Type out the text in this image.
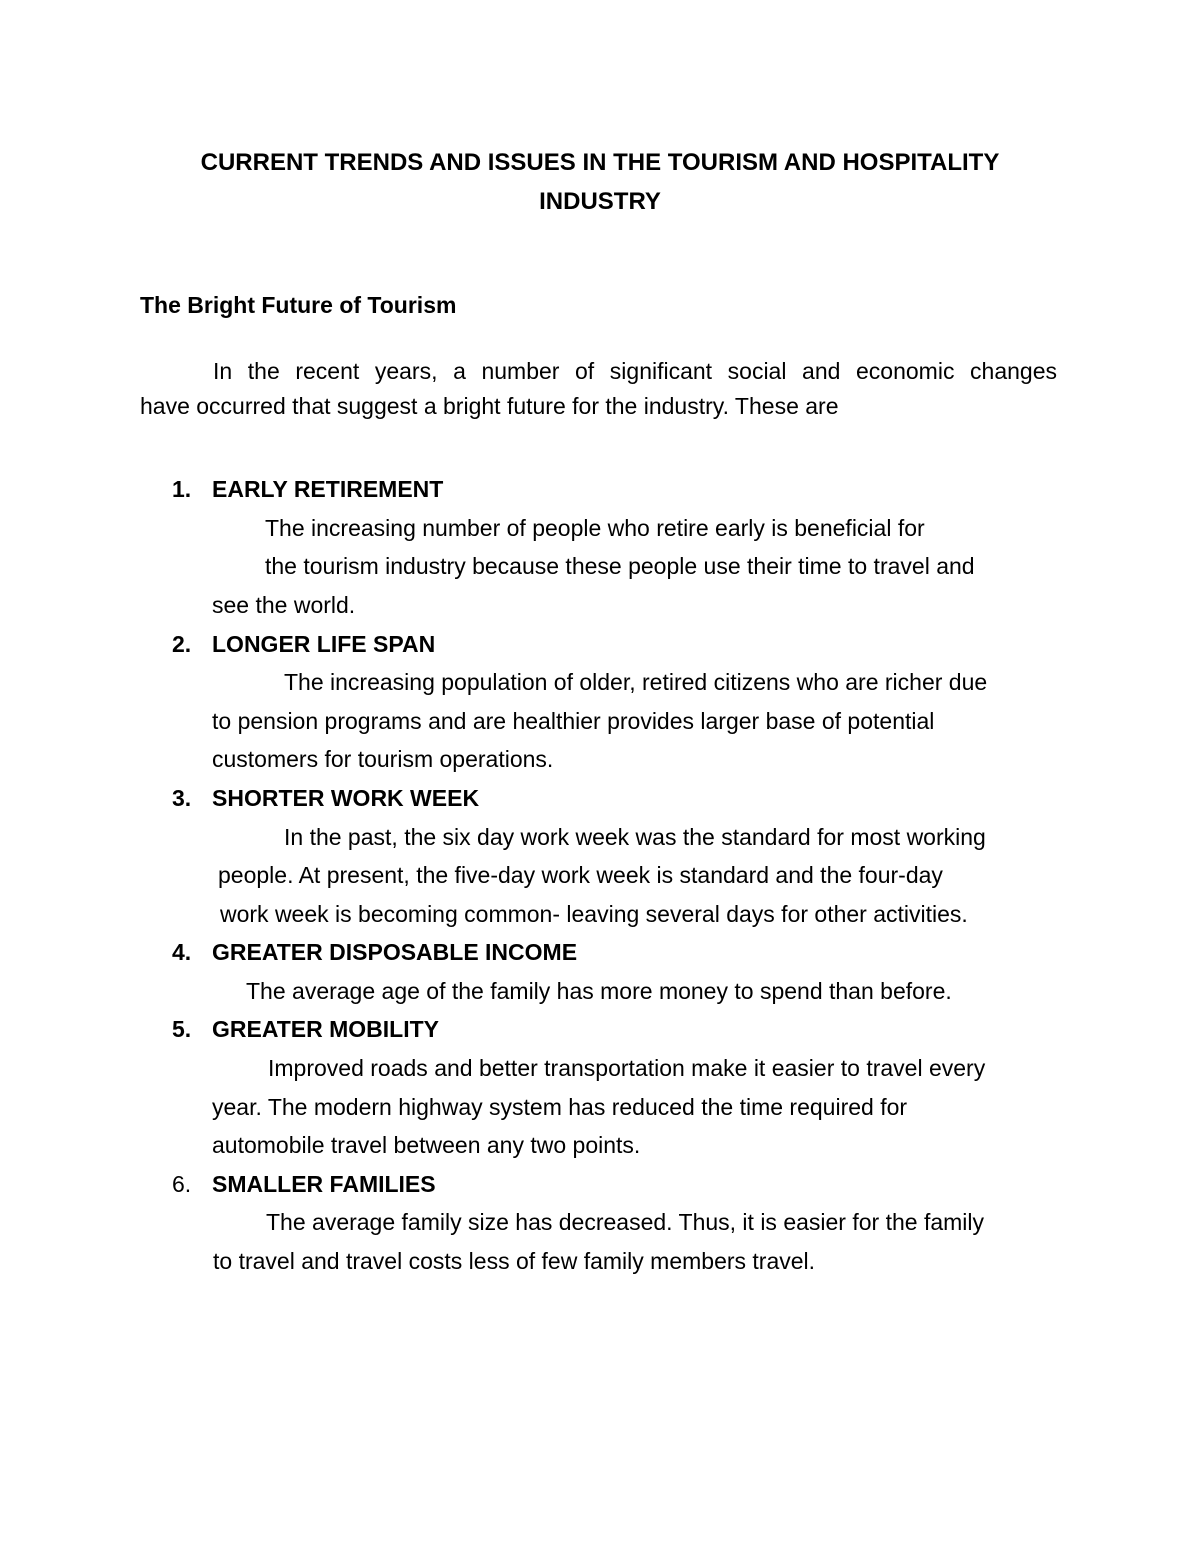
CURRENT TRENDS AND ISSUES IN THE TOURISM AND HOSPITALITY
INDUSTRY
The Bright Future of Tourism
In the recent years, a number of significant social and economic changes
have occurred that suggest a bright future for the industry. These are
1. EARLY RETIREMENT
The increasing number of people who retire early is beneficial for
the tourism industry because these people use their time to travel and
see the world.
2. LONGER LIFE SPAN
The increasing population of older, retired citizens who are richer due
to pension programs and are healthier provides larger base of potential
customers for tourism operations.
3. SHORTER WORK WEEK
In the past, the six day work week was the standard for most working
people. At present, the five-day work week is standard and the four-day
work week is becoming common- leaving several days for other activities.
4. GREATER DISPOSABLE INCOME
The average age of the family has more money to spend than before.
5. GREATER MOBILITY
Improved roads and better transportation make it easier to travel every
year. The modern highway system has reduced the time required for
automobile travel between any two points.
6. SMALLER FAMILIES
The average family size has decreased. Thus, it is easier for the family
to travel and travel costs less of few family members travel.
